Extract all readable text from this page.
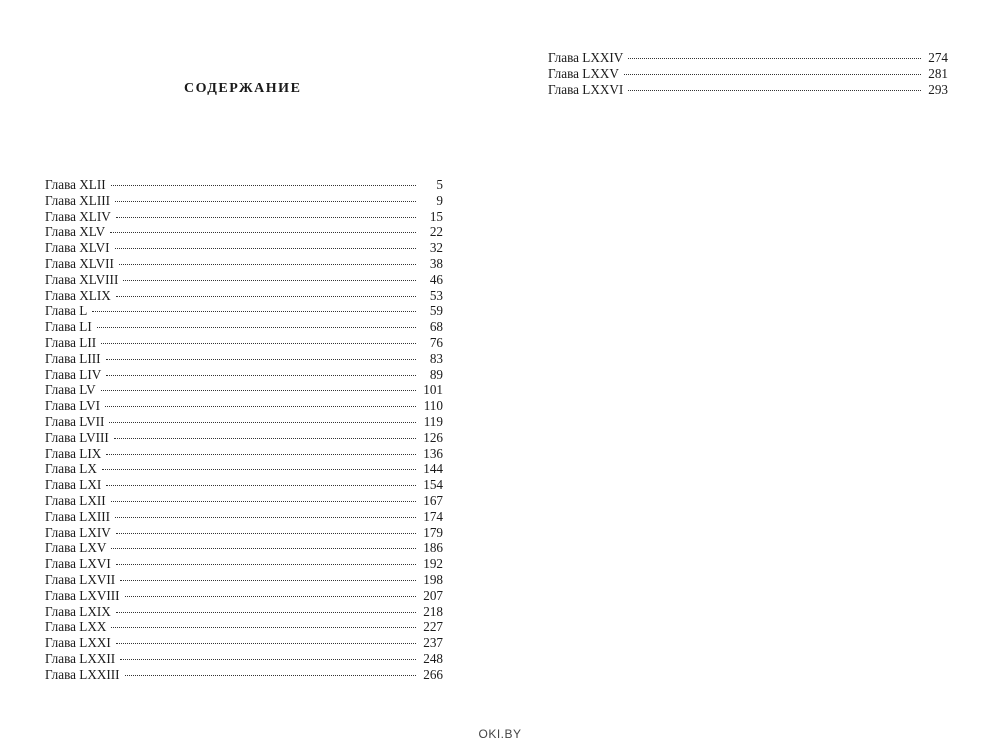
СОДЕРЖАНИЕ
Глава XLII	5
Глава XLIII	9
Глава XLIV	15
Глава XLV	22
Глава XLVI	32
Глава XLVII	38
Глава XLVIII	46
Глава XLIX	53
Глава L	59
Глава LI	68
Глава LII	76
Глава LIII	83
Глава LIV	89
Глава LV	101
Глава LVI	110
Глава LVII	119
Глава LVIII	126
Глава LIX	136
Глава LX	144
Глава LXI	154
Глава LXII	167
Глава LXIII	174
Глава LXIV	179
Глава LXV	186
Глава LXVI	192
Глава LXVII	198
Глава LXVIII	207
Глава LXIX	218
Глава LXX	227
Глава LXXI	237
Глава LXXII	248
Глава LXXIII	266
Глава LXXIV	274
Глава LXXV	281
Глава LXXVI	293
OKI.BY
